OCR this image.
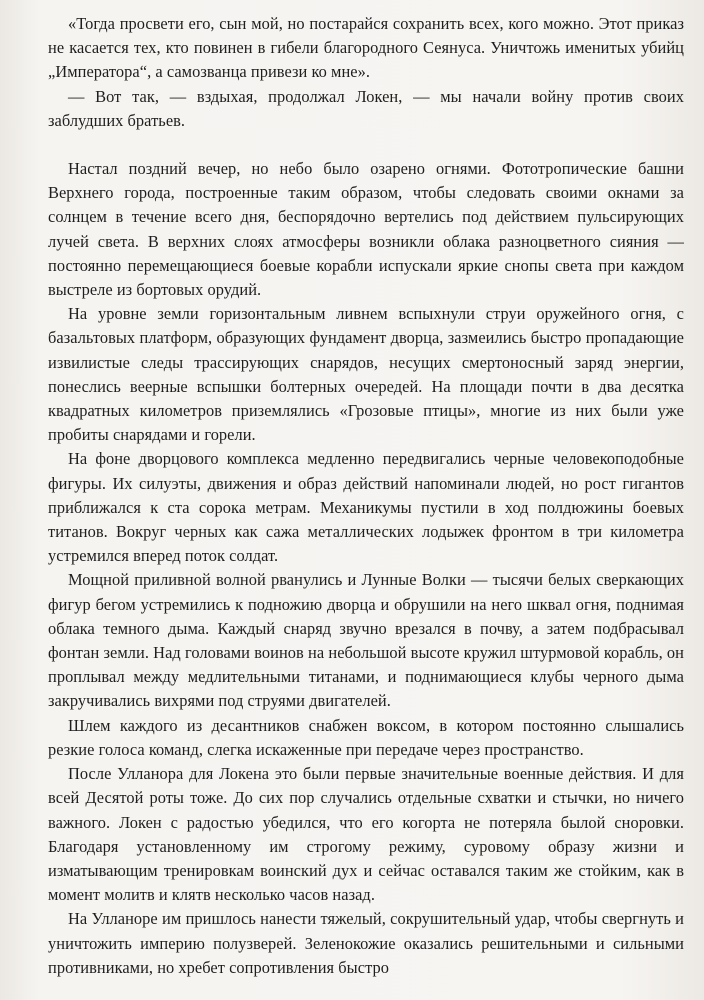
«Тогда просвети его, сын мой, но постарайся сохранить всех, кого можно. Этот приказ не касается тех, кто повинен в гибели благородного Сеянуса. Уничтожь именитых убийц „Императора“, а самозванца привези ко мне».

— Вот так, — вздыхая, продолжал Локен, — мы начали войну против своих заблудших братьев.

Настал поздний вечер, но небо было озарено огнями. Фототропические башни Верхнего города, построенные таким образом, чтобы следовать своими окнами за солнцем в течение всего дня, беспорядочно вертелись под действием пульсирующих лучей света. В верхних слоях атмосферы возникли облака разноцветного сияния — постоянно перемещающиеся боевые корабли испускали яркие снопы света при каждом выстреле из бортовых орудий.

На уровне земли горизонтальным ливнем вспыхнули струи оружейного огня, с базальтовых платформ, образующих фундамент дворца, зазмеились быстро пропадающие извилистые следы трассирующих снарядов, несущих смертоносный заряд энергии, понеслись веерные вспышки болтерных очередей. На площади почти в два десятка квадратных километров приземлялись «Грозовые птицы», многие из них были уже пробиты снарядами и горели.

На фоне дворцового комплекса медленно передвигались черные человекоподобные фигуры. Их силуэты, движения и образ действий напоминали людей, но рост гигантов приближался к ста сорока метрам. Механикумы пустили в ход полдюжины боевых титанов. Вокруг черных как сажа металлических лодыжек фронтом в три километра устремился вперед поток солдат.

Мощной приливной волной рванулись и Лунные Волки — тысячи белых сверкающих фигур бегом устремились к подножию дворца и обрушили на него шквал огня, поднимая облака темного дыма. Каждый снаряд звучно врезался в почву, а затем подбрасывал фонтан земли. Над головами воинов на небольшой высоте кружил штурмовой корабль, он проплывал между медлительными титанами, и поднимающиеся клубы черного дыма закручивались вихрями под струями двигателей.

Шлем каждого из десантников снабжен воксом, в котором постоянно слышались резкие голоса команд, слегка искаженные при передаче через пространство.

После Улланора для Локена это были первые значительные военные действия. И для всей Десятой роты тоже. До сих пор случались отдельные схватки и стычки, но ничего важного. Локен с радостью убедился, что его когорта не потеряла былой сноровки. Благодаря установленному им строгому режиму, суровому образу жизни и изматывающим тренировкам воинский дух и сейчас оставался таким же стойким, как в момент молитв и клятв несколько часов назад.

На Улланоре им пришлось нанести тяжелый, сокрушительный удар, чтобы свергнуть и уничтожить империю полузверей. Зеленокожие оказались решительными и сильными противниками, но хребет сопротивления быстро
